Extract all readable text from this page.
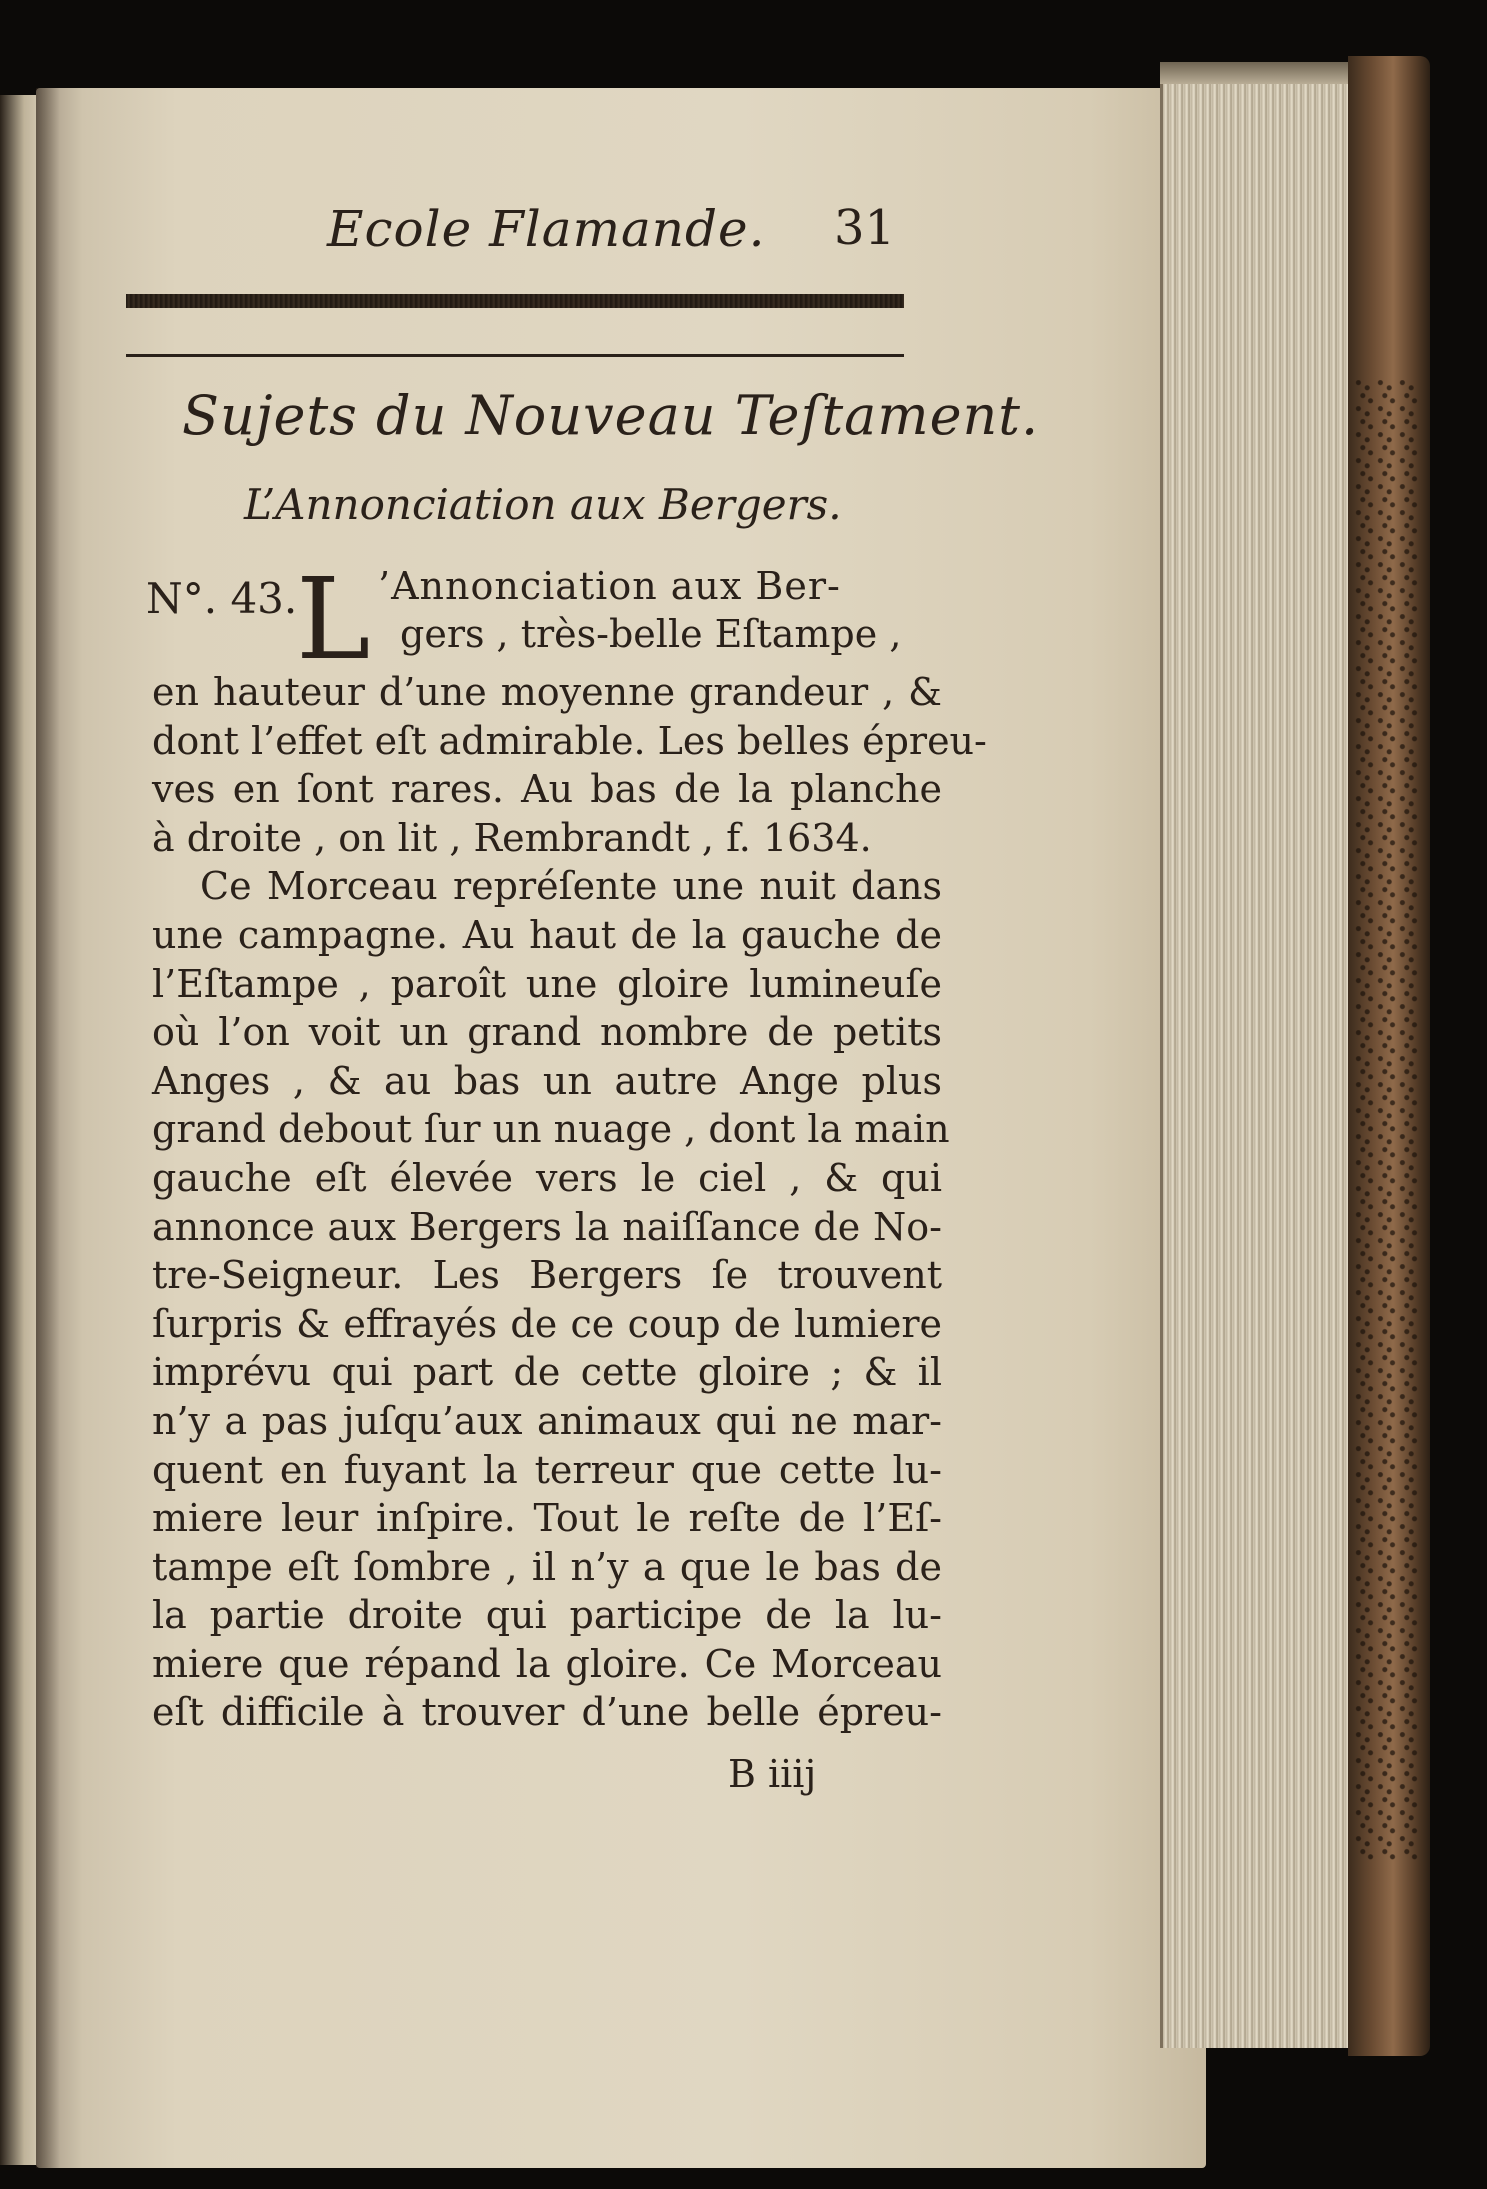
Ecole Flamande. 31
Sujets du Nouveau Teſtament.
L’Annonciation aux Bergers.
N°. 43.
L ’Annonciation aux Ber-
gers , très-belle Eſtampe ,
en hauteur d’une moyenne grandeur , &
dont l’effet eſt admirable. Les belles épreu-
ves en ſont rares. Au bas de la planche
à droite , on lit , Rembrandt , f. 1634.
Ce Morceau repréſente une nuit dans
une campagne. Au haut de la gauche de
l’Eſtampe , paroît une gloire lumineuſe
où l’on voit un grand nombre de petits
Anges , & au bas un autre Ange plus
grand debout ſur un nuage , dont la main
gauche eſt élevée vers le ciel , & qui
annonce aux Bergers la naiſſance de No-
tre-Seigneur. Les Bergers ſe trouvent
ſurpris & effrayés de ce coup de lumiere
imprévu qui part de cette gloire ; & il
n’y a pas juſqu’aux animaux qui ne mar-
quent en fuyant la terreur que cette lu-
miere leur inſpire. Tout le reſte de l’Eſ-
tampe eſt ſombre , il n’y a que le bas de
la partie droite qui participe de la lu-
miere que répand la gloire. Ce Morceau
eſt difficile à trouver d’une belle épreu-
B iiij
